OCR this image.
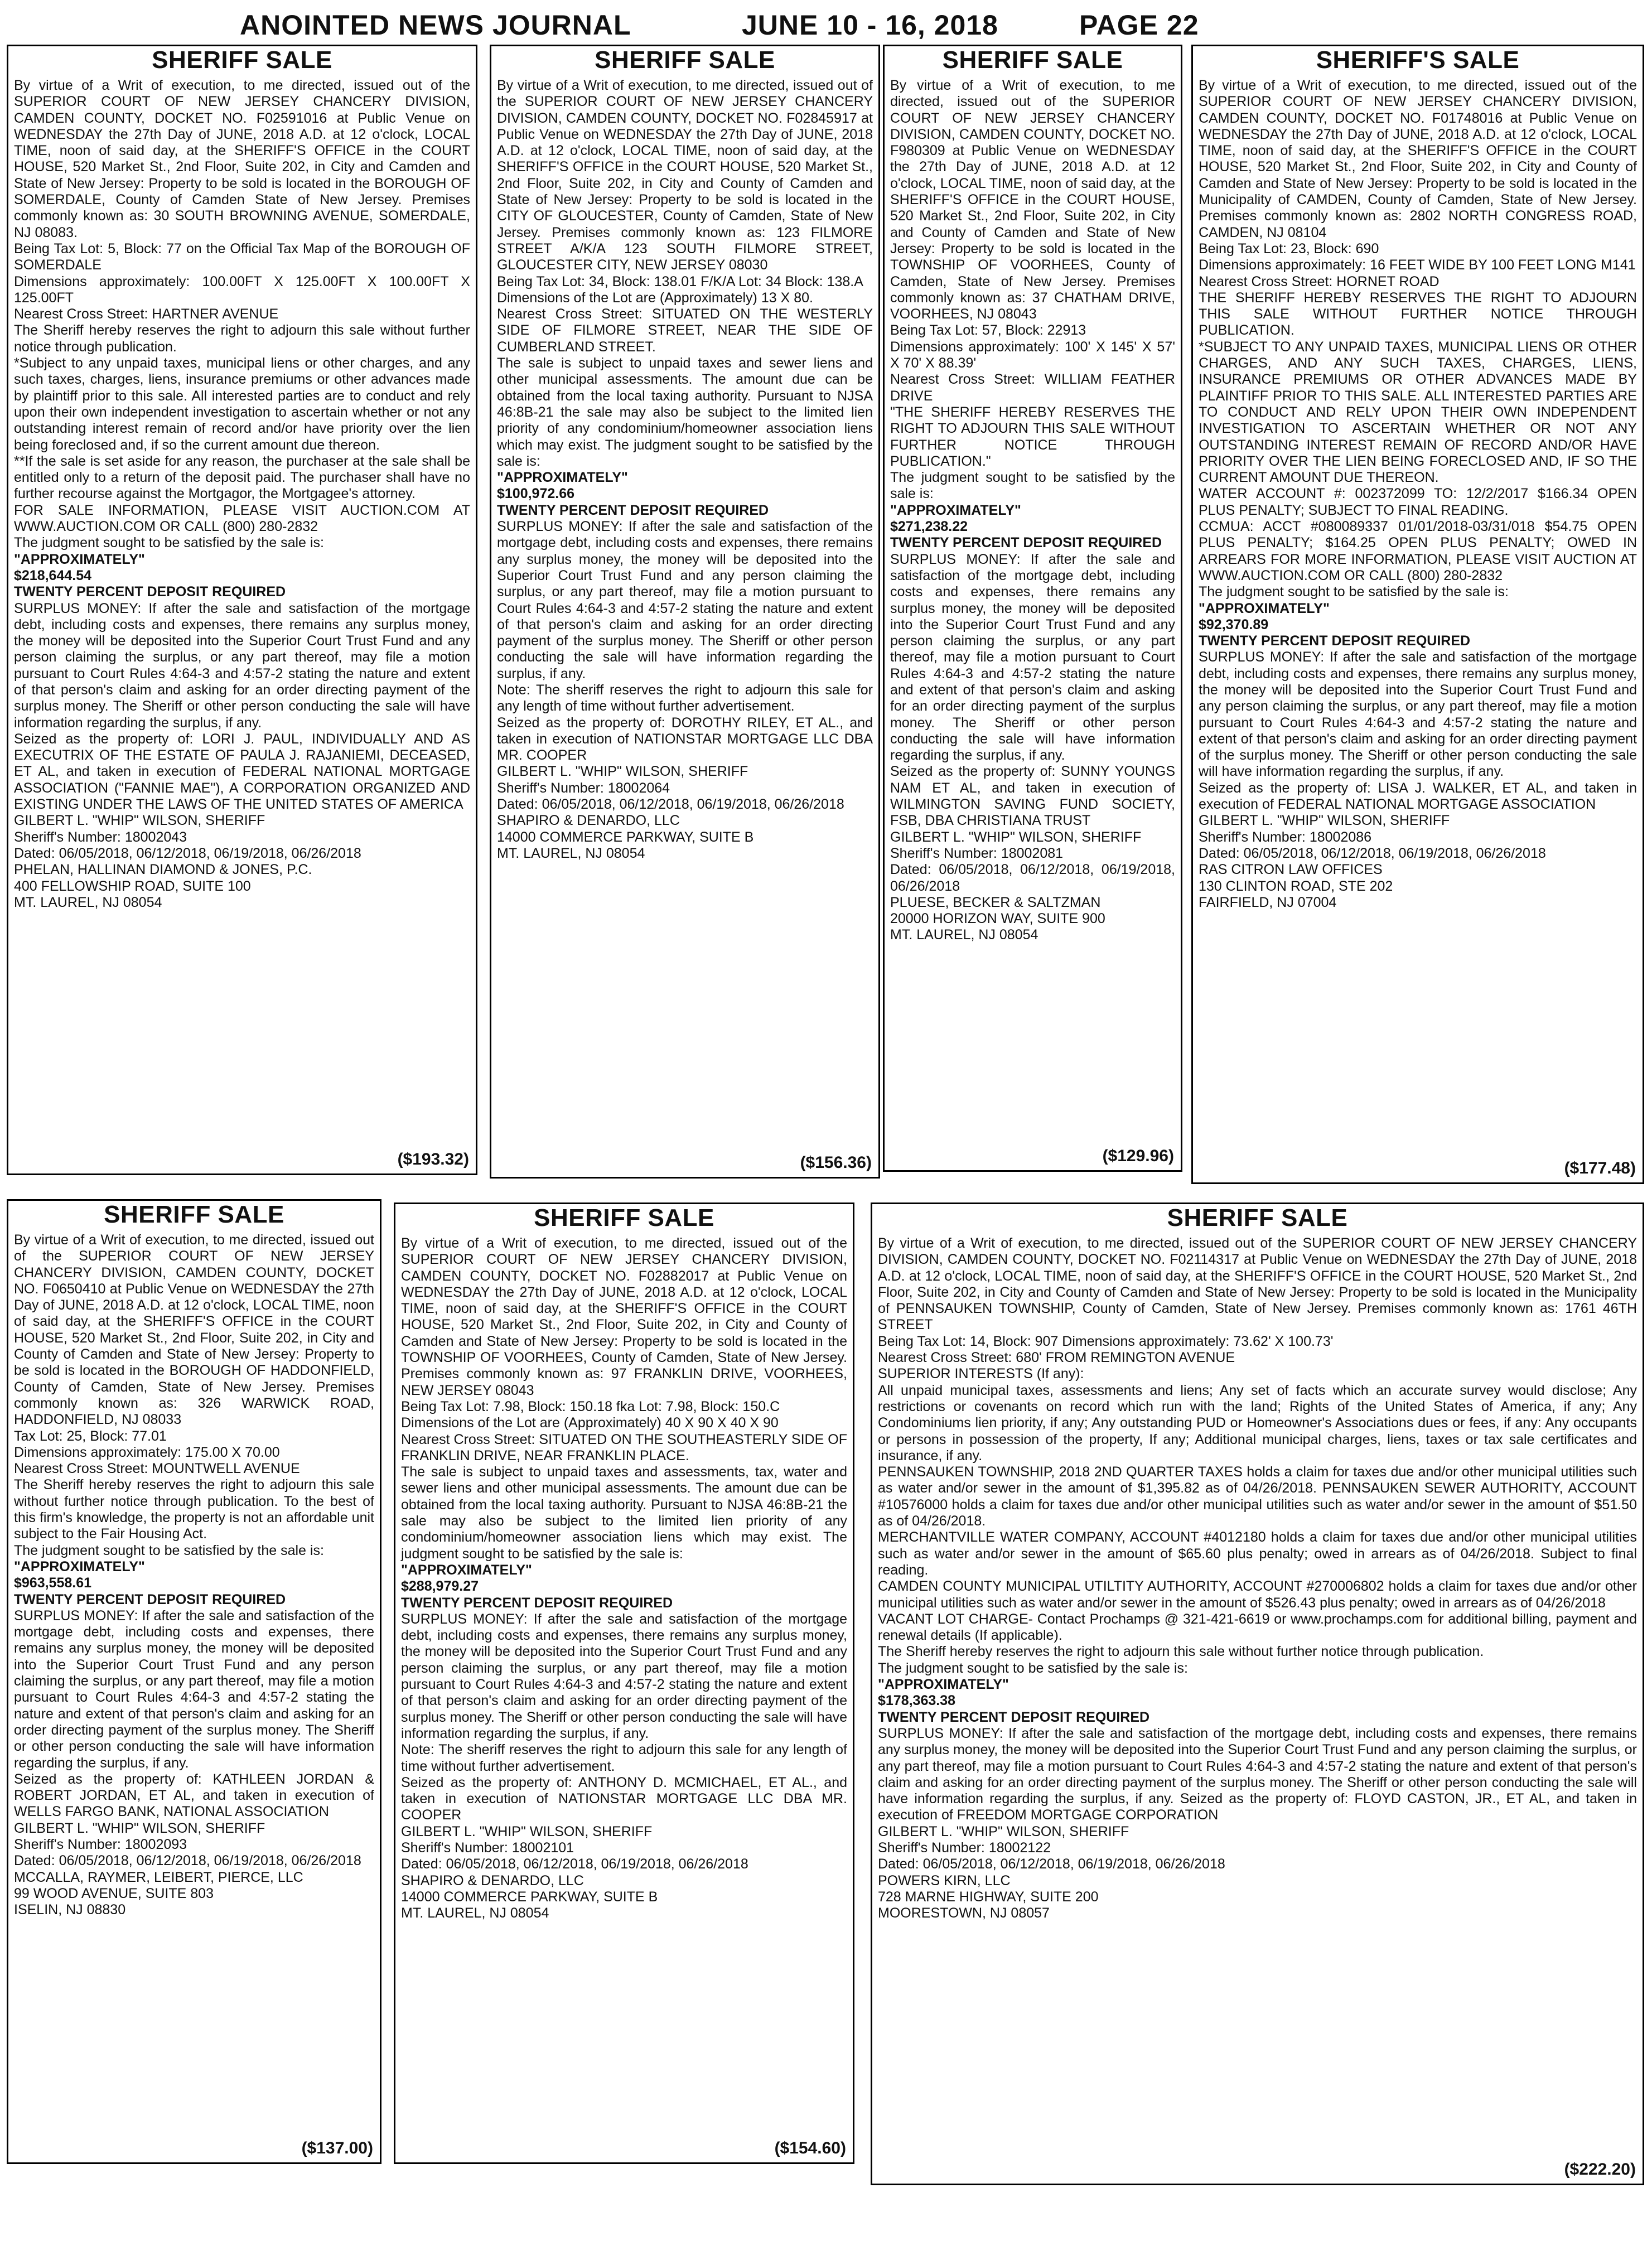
ANOINTED NEWS JOURNAL	JUNE 10 - 16, 2018	PAGE 22
SHERIFF SALE

By virtue of a Writ of execution, to me directed, issued out of the SUPERIOR COURT OF NEW JERSEY CHANCERY DIVISION, CAMDEN COUNTY, DOCKET NO. F02591016 at Public Venue on WEDNESDAY the 27th Day of JUNE, 2018 A.D. at 12 o'clock, LOCAL TIME, noon of said day, at the SHERIFF'S OFFICE in the COURT HOUSE, 520 Market St., 2nd Floor, Suite 202, in City and Camden and State of New Jersey: Property to be sold is located in the BOROUGH OF SOMERDALE, County of Camden State of New Jersey. Premises commonly known as: 30 SOUTH BROWNING AVENUE, SOMERDALE, NJ 08083.

Being Tax Lot: 5, Block: 77 on the Official Tax Map of the BOROUGH OF SOMERDALE

Dimensions approximately: 100.00FT X 125.00FT X 100.00FT X 125.00FT

Nearest Cross Street: HARTNER AVENUE

The Sheriff hereby reserves the right to adjourn this sale without further notice through publication.

*Subject to any unpaid taxes, municipal liens or other charges, and any such taxes, charges, liens, insurance premiums or other advances made by plaintiff prior to this sale. All interested parties are to conduct and rely upon their own independent investigation to ascertain whether or not any outstanding interest remain of record and/or have priority over the lien being foreclosed and, if so the current amount due thereon.

**If the sale is set aside for any reason, the purchaser at the sale shall be entitled only to a return of the deposit paid. The purchaser shall have no further recourse against the Mortgagor, the Mortgagee's attorney.

FOR SALE INFORMATION, PLEASE VISIT AUCTION.COM AT WWW.AUCTION.COM OR CALL (800) 280-2832

The judgment sought to be satisfied by the sale is:

"APPROXIMATELY"

$218,644.54

TWENTY PERCENT DEPOSIT REQUIRED

SURPLUS MONEY: If after the sale and satisfaction of the mortgage debt, including costs and expenses, there remains any surplus money, the money will be deposited into the Superior Court Trust Fund and any person claiming the surplus, or any part thereof, may file a motion pursuant to Court Rules 4:64-3 and 4:57-2 stating the nature and extent of that person's claim and asking for an order directing payment of the surplus money. The Sheriff or other person conducting the sale will have information regarding the surplus, if any.

Seized as the property of: LORI J. PAUL, INDIVIDUALLY AND AS EXECUTRIX OF THE ESTATE OF PAULA J. RAJANIEMI, DECEASED, ET AL, and taken in execution of FEDERAL NATIONAL MORTGAGE ASSOCIATION ("FANNIE MAE"), A CORPORATION ORGANIZED AND EXISTING UNDER THE LAWS OF THE UNITED STATES OF AMERICA

GILBERT L. "WHIP" WILSON, SHERIFF

Sheriff's Number: 18002043

Dated: 06/05/2018, 06/12/2018, 06/19/2018, 06/26/2018

PHELAN, HALLINAN DIAMOND & JONES, P.C.

400 FELLOWSHIP ROAD, SUITE 100

MT. LAUREL, NJ 08054

($193.32)
SHERIFF SALE

By virtue of a Writ of execution, to me directed, issued out of the SUPERIOR COURT OF NEW JERSEY CHANCERY DIVISION, CAMDEN COUNTY, DOCKET NO. F02845917 at Public Venue on WEDNESDAY the 27th Day of JUNE, 2018 A.D. at 12 o'clock, LOCAL TIME, noon of said day, at the SHERIFF'S OFFICE in the COURT HOUSE, 520 Market St., 2nd Floor, Suite 202, in City and County of Camden and State of New Jersey: Property to be sold is located in the CITY OF GLOUCESTER, County of Camden, State of New Jersey. Premises commonly known as: 123 FILMORE STREET A/K/A 123 SOUTH FILMORE STREET, GLOUCESTER CITY, NEW JERSEY 08030

Being Tax Lot: 34, Block: 138.01 F/K/A Lot: 34 Block: 138.A

Dimensions of the Lot are (Approximately) 13 X 80.

Nearest Cross Street: SITUATED ON THE WESTERLY SIDE OF FILMORE STREET, NEAR THE SIDE OF CUMBERLAND STREET.

The sale is subject to unpaid taxes and sewer liens and other municipal assessments. The amount due can be obtained from the local taxing authority. Pursuant to NJSA 46:8B-21 the sale may also be subject to the limited lien priority of any condominium/homeowner association liens which may exist. The judgment sought to be satisfied by the sale is:

"APPROXIMATELY"

$100,972.66

TWENTY PERCENT DEPOSIT REQUIRED

SURPLUS MONEY: If after the sale and satisfaction of the mortgage debt, including costs and expenses, there remains any surplus money, the money will be deposited into the Superior Court Trust Fund and any person claiming the surplus, or any part thereof, may file a motion pursuant to Court Rules 4:64-3 and 4:57-2 stating the nature and extent of that person's claim and asking for an order directing payment of the surplus money. The Sheriff or other person conducting the sale will have information regarding the surplus, if any.

Note: The sheriff reserves the right to adjourn this sale for any length of time without further advertisement.

Seized as the property of: DOROTHY RILEY, ET AL., and taken in execution of NATIONSTAR MORTGAGE LLC DBA MR. COOPER

GILBERT L. "WHIP" WILSON, SHERIFF

Sheriff's Number: 18002064

Dated: 06/05/2018, 06/12/2018, 06/19/2018, 06/26/2018

SHAPIRO & DENARDO, LLC

14000 COMMERCE PARKWAY, SUITE B

MT. LAUREL, NJ 08054

($156.36)
SHERIFF SALE

By virtue of a Writ of execution, to me directed, issued out of the SUPERIOR COURT OF NEW JERSEY CHANCERY DIVISION, CAMDEN COUNTY, DOCKET NO. F980309 at Public Venue on WEDNESDAY the 27th Day of JUNE, 2018 A.D. at 12 o'clock, LOCAL TIME, noon of said day, at the SHERIFF'S OFFICE in the COURT HOUSE, 520 Market St., 2nd Floor, Suite 202, in City and County of Camden and State of New Jersey: Property to be sold is located in the TOWNSHIP OF VOORHEES, County of Camden, State of New Jersey. Premises commonly known as: 37 CHATHAM DRIVE, VOORHEES, NJ 08043

Being Tax Lot: 57, Block: 22913

Dimensions approximately: 100' X 145' X 57' X 70' X 88.39'

Nearest Cross Street: WILLIAM FEATHER DRIVE

"THE SHERIFF HEREBY RESERVES THE RIGHT TO ADJOURN THIS SALE WITHOUT FURTHER NOTICE THROUGH PUBLICATION."

The judgment sought to be satisfied by the sale is:

"APPROXIMATELY"

$271,238.22

TWENTY PERCENT DEPOSIT REQUIRED

SURPLUS MONEY: If after the sale and satisfaction of the mortgage debt, including costs and expenses, there remains any surplus money, the money will be deposited into the Superior Court Trust Fund and any person claiming the surplus, or any part thereof, may file a motion pursuant to Court Rules 4:64-3 and 4:57-2 stating the nature and extent of that person's claim and asking for an order directing payment of the surplus money. The Sheriff or other person conducting the sale will have information regarding the surplus, if any.

Seized as the property of: SUNNY YOUNGS NAM ET AL, and taken in execution of WILMINGTON SAVING FUND SOCIETY, FSB, DBA CHRISTIANA TRUST

GILBERT L. "WHIP" WILSON, SHERIFF

Sheriff's Number: 18002081

Dated: 06/05/2018, 06/12/2018, 06/19/2018, 06/26/2018

PLUESE, BECKER & SALTZMAN

20000 HORIZON WAY, SUITE 900

MT. LAUREL, NJ 08054

($129.96)
SHERIFF'S SALE

By virtue of a Writ of execution, to me directed, issued out of the SUPERIOR COURT OF NEW JERSEY CHANCERY DIVISION, CAMDEN COUNTY, DOCKET NO. F01748016 at Public Venue on WEDNESDAY the 27th Day of JUNE, 2018 A.D. at 12 o'clock, LOCAL TIME, noon of said day, at the SHERIFF'S OFFICE in the COURT HOUSE, 520 Market St., 2nd Floor, Suite 202, in City and County of Camden and State of New Jersey: Property to be sold is located in the Municipality of CAMDEN, County of Camden, State of New Jersey. Premises commonly known as: 2802 NORTH CONGRESS ROAD, CAMDEN, NJ 08104

Being Tax Lot: 23, Block: 690

Dimensions approximately: 16 FEET WIDE BY 100 FEET LONG M141

Nearest Cross Street: HORNET ROAD

THE SHERIFF HEREBY RESERVES THE RIGHT TO ADJOURN THIS SALE WITHOUT FURTHER NOTICE THROUGH PUBLICATION.

*SUBJECT TO ANY UNPAID TAXES, MUNICIPAL LIENS OR OTHER CHARGES, AND ANY SUCH TAXES, CHARGES, LIENS, INSURANCE PREMIUMS OR OTHER ADVANCES MADE BY PLAINTIFF PRIOR TO THIS SALE. ALL INTERESTED PARTIES ARE TO CONDUCT AND RELY UPON THEIR OWN INDEPENDENT INVESTIGATION TO ASCERTAIN WHETHER OR NOT ANY OUTSTANDING INTEREST REMAIN OF RECORD AND/OR HAVE PRIORITY OVER THE LIEN BEING FORECLOSED AND, IF SO THE CURRENT AMOUNT DUE THEREON.

WATER ACCOUNT #: 002372099 TO: 12/2/2017 $166.34 OPEN PLUS PENALTY; SUBJECT TO FINAL READING.

CCMUA: ACCT #080089337 01/01/2018-03/31/018 $54.75 OPEN PLUS PENALTY; $164.25 OPEN PLUS PENALTY; OWED IN ARREARS FOR MORE INFORMATION, PLEASE VISIT AUCTION AT WWW.AUCTION.COM OR CALL (800) 280-2832

The judgment sought to be satisfied by the sale is:

"APPROXIMATELY"

$92,370.89

TWENTY PERCENT DEPOSIT REQUIRED

SURPLUS MONEY: If after the sale and satisfaction of the mortgage debt, including costs and expenses, there remains any surplus money, the money will be deposited into the Superior Court Trust Fund and any person claiming the surplus, or any part thereof, may file a motion pursuant to Court Rules 4:64-3 and 4:57-2 stating the nature and extent of that person's claim and asking for an order directing payment of the surplus money. The Sheriff or other person conducting the sale will have information regarding the surplus, if any.

Seized as the property of: LISA J. WALKER, ET AL, and taken in execution of FEDERAL NATIONAL MORTGAGE ASSOCIATION

GILBERT L. "WHIP" WILSON, SHERIFF

Sheriff's Number: 18002086

Dated: 06/05/2018, 06/12/2018, 06/19/2018, 06/26/2018

RAS CITRON LAW OFFICES

130 CLINTON ROAD, STE 202

FAIRFIELD, NJ 07004

($177.48)
SHERIFF SALE

By virtue of a Writ of execution, to me directed, issued out of the SUPERIOR COURT OF NEW JERSEY CHANCERY DIVISION, CAMDEN COUNTY, DOCKET NO. F0650410 at Public Venue on WEDNESDAY the 27th Day of JUNE, 2018 A.D. at 12 o'clock, LOCAL TIME, noon of said day, at the SHERIFF'S OFFICE in the COURT HOUSE, 520 Market St., 2nd Floor, Suite 202, in City and County of Camden and State of New Jersey: Property to be sold is located in the BOROUGH OF HADDONFIELD, County of Camden, State of New Jersey. Premises commonly known as: 326 WARWICK ROAD, HADDONFIELD, NJ 08033

Tax Lot: 25, Block: 77.01

Dimensions approximately: 175.00 X 70.00

Nearest Cross Street: MOUNTWELL AVENUE

The Sheriff hereby reserves the right to adjourn this sale without further notice through publication. To the best of this firm's knowledge, the property is not an affordable unit subject to the Fair Housing Act.

The judgment sought to be satisfied by the sale is:

"APPROXIMATELY"

$963,558.61

TWENTY PERCENT DEPOSIT REQUIRED

SURPLUS MONEY: If after the sale and satisfaction of the mortgage debt, including costs and expenses, there remains any surplus money, the money will be deposited into the Superior Court Trust Fund and any person claiming the surplus, or any part thereof, may file a motion pursuant to Court Rules 4:64-3 and 4:57-2 stating the nature and extent of that person's claim and asking for an order directing payment of the surplus money. The Sheriff or other person conducting the sale will have information regarding the surplus, if any.

Seized as the property of: KATHLEEN JORDAN & ROBERT JORDAN, ET AL, and taken in execution of WELLS FARGO BANK, NATIONAL ASSOCIATION

GILBERT L. "WHIP" WILSON, SHERIFF

Sheriff's Number: 18002093

Dated: 06/05/2018, 06/12/2018, 06/19/2018, 06/26/2018

MCCALLA, RAYMER, LEIBERT, PIERCE, LLC

99 WOOD AVENUE, SUITE 803

ISELIN, NJ 08830

($137.00)
SHERIFF SALE

By virtue of a Writ of execution, to me directed, issued out of the SUPERIOR COURT OF NEW JERSEY CHANCERY DIVISION, CAMDEN COUNTY, DOCKET NO. F02882017 at Public Venue on WEDNESDAY the 27th Day of JUNE, 2018 A.D. at 12 o'clock, LOCAL TIME, noon of said day, at the SHERIFF'S OFFICE in the COURT HOUSE, 520 Market St., 2nd Floor, Suite 202, in City and County of Camden and State of New Jersey: Property to be sold is located in the TOWNSHIP OF VOORHEES, County of Camden, State of New Jersey. Premises commonly known as: 97 FRANKLIN DRIVE, VOORHEES, NEW JERSEY 08043

Being Tax Lot: 7.98, Block: 150.18 fka Lot: 7.98, Block: 150.C

Dimensions of the Lot are (Approximately) 40 X 90 X 40 X 90

Nearest Cross Street: SITUATED ON THE SOUTHEASTERLY SIDE OF FRANKLIN DRIVE, NEAR FRANKLIN PLACE.

The sale is subject to unpaid taxes and assessments, tax, water and sewer liens and other municipal assessments. The amount due can be obtained from the local taxing authority. Pursuant to NJSA 46:8B-21 the sale may also be subject to the limited lien priority of any condominium/homeowner association liens which may exist. The judgment sought to be satisfied by the sale is:

"APPROXIMATELY"

$288,979.27

TWENTY PERCENT DEPOSIT REQUIRED

SURPLUS MONEY: If after the sale and satisfaction of the mortgage debt, including costs and expenses, there remains any surplus money, the money will be deposited into the Superior Court Trust Fund and any person claiming the surplus, or any part thereof, may file a motion pursuant to Court Rules 4:64-3 and 4:57-2 stating the nature and extent of that person's claim and asking for an order directing payment of the surplus money. The Sheriff or other person conducting the sale will have information regarding the surplus, if any.

Note: The sheriff reserves the right to adjourn this sale for any length of time without further advertisement.

Seized as the property of: ANTHONY D. MCMICHAEL, ET AL., and taken in execution of NATIONSTAR MORTGAGE LLC DBA MR. COOPER

GILBERT L. "WHIP" WILSON, SHERIFF

Sheriff's Number: 18002101

Dated: 06/05/2018, 06/12/2018, 06/19/2018, 06/26/2018

SHAPIRO & DENARDO, LLC

14000 COMMERCE PARKWAY, SUITE B

MT. LAUREL, NJ 08054

($154.60)
SHERIFF SALE

By virtue of a Writ of execution, to me directed, issued out of the SUPERIOR COURT OF NEW JERSEY CHANCERY DIVISION, CAMDEN COUNTY, DOCKET NO. F02114317 at Public Venue on WEDNESDAY the 27th Day of JUNE, 2018 A.D. at 12 o'clock, LOCAL TIME, noon of said day, at the SHERIFF'S OFFICE in the COURT HOUSE, 520 Market St., 2nd Floor, Suite 202, in City and County of Camden and State of New Jersey: Property to be sold is located in the Municipality of PENNSAUKEN TOWNSHIP, County of Camden, State of New Jersey. Premises commonly known as: 1761 46TH STREET

Being Tax Lot: 14, Block: 907 Dimensions approximately: 73.62' X 100.73'

Nearest Cross Street: 680' FROM REMINGTON AVENUE

SUPERIOR INTERESTS (If any):

All unpaid municipal taxes, assessments and liens; Any set of facts which an accurate survey would disclose; Any restrictions or covenants on record which run with the land; Rights of the United States of America, if any; Any Condominiums lien priority, if any; Any outstanding PUD or Homeowner's Associations dues or fees, if any: Any occupants or persons in possession of the property, If any; Additional municipal charges, liens, taxes or tax sale certificates and insurance, if any.

PENNSAUKEN TOWNSHIP, 2018 2ND QUARTER TAXES holds a claim for taxes due and/or other municipal utilities such as water and/or sewer in the amount of $1,395.82 as of 04/26/2018. PENNSAUKEN SEWER AUTHORITY, ACCOUNT #10576000 holds a claim for taxes due and/or other municipal utilities such as water and/or sewer in the amount of $51.50 as of 04/26/2018.

MERCHANTVILLE WATER COMPANY, ACCOUNT #4012180 holds a claim for taxes due and/or other municipal utilities such as water and/or sewer in the amount of $65.60 plus penalty; owed in arrears as of 04/26/2018. Subject to final reading.

CAMDEN COUNTY MUNICIPAL UTILTITY AUTHORITY, ACCOUNT #270006802 holds a claim for taxes due and/or other municipal utilities such as water and/or sewer in the amount of $526.43 plus penalty; owed in arrears as of 04/26/2018

VACANT LOT CHARGE- Contact Prochamps @ 321-421-6619 or www.prochamps.com for additional billing, payment and renewal details (If applicable).

The Sheriff hereby reserves the right to adjourn this sale without further notice through publication.

The judgment sought to be satisfied by the sale is:

"APPROXIMATELY"

$178,363.38

TWENTY PERCENT DEPOSIT REQUIRED

SURPLUS MONEY: If after the sale and satisfaction of the mortgage debt, including costs and expenses, there remains any surplus money, the money will be deposited into the Superior Court Trust Fund and any person claiming the surplus, or any part thereof, may file a motion pursuant to Court Rules 4:64-3 and 4:57-2 stating the nature and extent of that person's claim and asking for an order directing payment of the surplus money. The Sheriff or other person conducting the sale will have information regarding the surplus, if any. Seized as the property of: FLOYD CASTON, JR., ET AL, and taken in execution of FREEDOM MORTGAGE CORPORATION

GILBERT L. "WHIP" WILSON, SHERIFF

Sheriff's Number: 18002122

Dated: 06/05/2018, 06/12/2018, 06/19/2018, 06/26/2018

POWERS KIRN, LLC

728 MARNE HIGHWAY, SUITE 200

MOORESTOWN, NJ 08057

($222.20)
